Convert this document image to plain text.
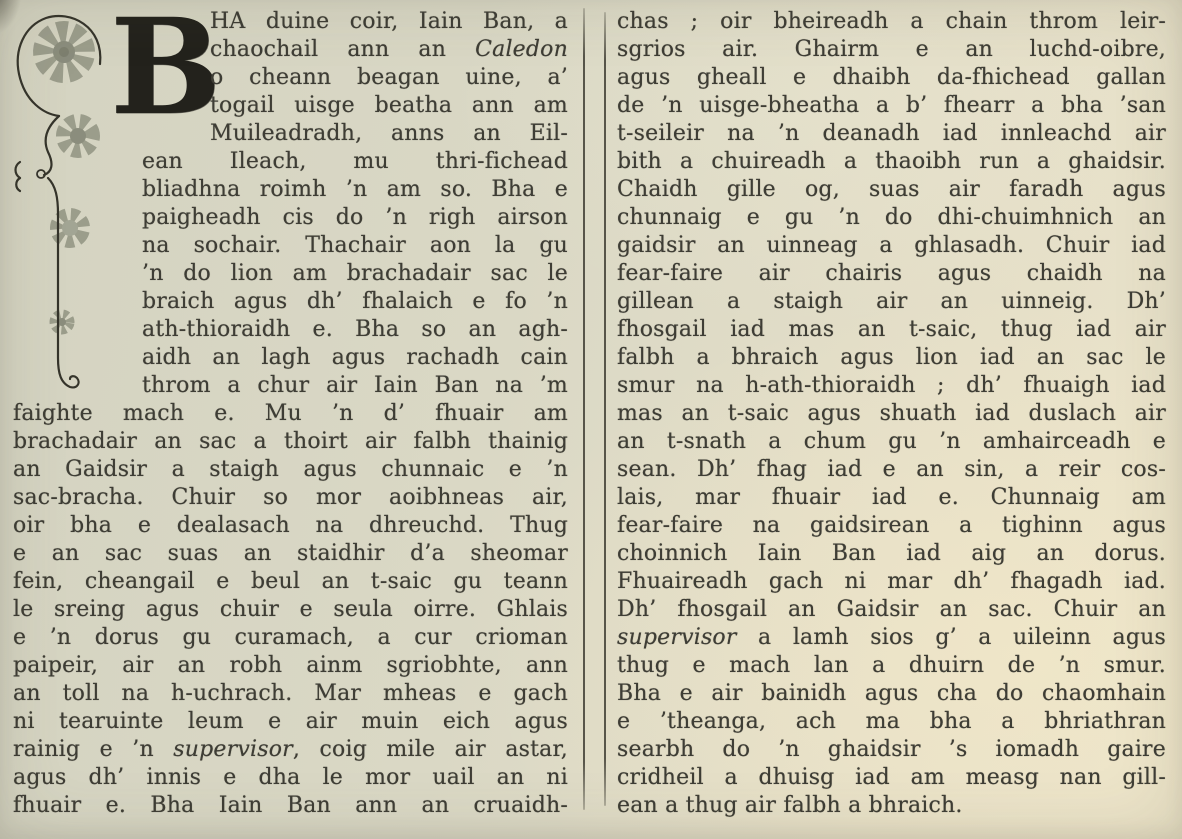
B
HA duine coir, Iain Ban, a
chaochail ann an Caledon
o cheann beagan uine, a’
togail uisge beatha ann am
Muileadradh, anns an Eil-
ean Ileach, mu thri-fichead
bliadhna roimh ’n am so. Bha e
paigheadh cis do ’n righ airson
na sochair. Thachair aon la gu
’n do lion am brachadair sac le
braich agus dh’ fhalaich e fo ’n
ath-thioraidh e. Bha so an agh-
aidh an lagh agus rachadh cain
throm a chur air Iain Ban na ’m
faighte mach e. Mu ’n d’ fhuair am
brachadair an sac a thoirt air falbh thainig
an Gaidsir a staigh agus chunnaic e ’n
sac-bracha. Chuir so mor aoibhneas air,
oir bha e dealasach na dhreuchd. Thug
e an sac suas an staidhir d’a sheomar
fein, cheangail e beul an t-saic gu teann
le sreing agus chuir e seula oirre. Ghlais
e ’n dorus gu curamach, a cur crioman
paipeir, air an robh ainm sgriobhte, ann
an toll na h-uchrach. Mar mheas e gach
ni tearuinte leum e air muin eich agus
rainig e ’n supervisor, coig mile air astar,
agus dh’ innis e dha le mor uail an ni
fhuair e. Bha Iain Ban ann an cruaidh-
chas ; oir bheireadh a chain throm leir-
sgrios air. Ghairm e an luchd-oibre,
agus gheall e dhaibh da-fhichead gallan
de ’n uisge-bheatha a b’ fhearr a bha ’san
t-seileir na ’n deanadh iad innleachd air
bith a chuireadh a thaoibh run a ghaidsir.
Chaidh gille og, suas air faradh agus
chunnaig e gu ’n do dhi-chuimhnich an
gaidsir an uinneag a ghlasadh. Chuir iad
fear-faire air chairis agus chaidh na
gillean a staigh air an uinneig. Dh’
fhosgail iad mas an t-saic, thug iad air
falbh a bhraich agus lion iad an sac le
smur na h-ath-thioraidh ; dh’ fhuaigh iad
mas an t-saic agus shuath iad duslach air
an t-snath a chum gu ’n amhairceadh e
sean. Dh’ fhag iad e an sin, a reir cos-
lais, mar fhuair iad e. Chunnaig am
fear-faire na gaidsirean a tighinn agus
choinnich Iain Ban iad aig an dorus.
Fhuaireadh gach ni mar dh’ fhagadh iad.
Dh’ fhosgail an Gaidsir an sac. Chuir an
supervisor a lamh sios g’ a uileinn agus
thug e mach lan a dhuirn de ’n smur.
Bha e air bainidh agus cha do chaomhain
e ’theanga, ach ma bha a bhriathran
searbh do ’n ghaidsir ’s iomadh gaire
cridheil a dhuisg iad am measg nan gill-
ean a thug air falbh a bhraich.
